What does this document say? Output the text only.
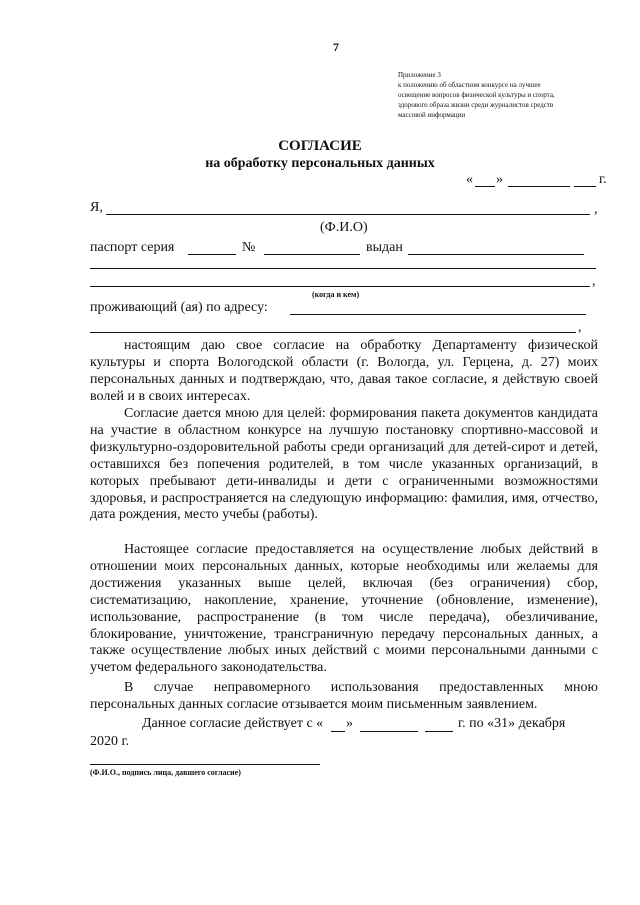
7
Приложение 3
к положению об областном конкурсе на лучшее
освещение вопросов физической культуры и спорта,
здорового образа жизни среди журналистов средств
массовой информации
СОГЛАСИЕ
на обработку персональных данных
« »	г.
Я,	,
(Ф.И.О)
паспорт серия	№	выдан
,
(когда и кем)
проживающий (ая) по адресу:
,
настоящим даю свое согласие на обработку Департаменту физической культуры и спорта Вологодской области (г. Вологда, ул. Герцена, д. 27) моих персональных данных и подтверждаю, что, давая такое согласие, я действую своей волей и в своих интересах.
Согласие дается мною для целей: формирования пакета документов кандидата на участие в областном конкурсе на лучшую постановку спортивно-массовой и физкультурно-оздоровительной работы среди организаций для детей-сирот и детей, оставшихся без попечения родителей, в том числе указанных организаций, в которых пребывают дети-инвалиды и дети с ограниченными возможностями здоровья, и распространяется на следующую информацию: фамилия, имя, отчество, дата рождения, место учебы (работы).
Настоящее согласие предоставляется на осуществление любых действий в отношении моих персональных данных, которые необходимы или желаемы для достижения указанных выше целей, включая (без ограничения) сбор, систематизацию, накопление, хранение, уточнение (обновление, изменение), использование, распространение (в том числе передача), обезличивание, блокирование, уничтожение, трансграничную передачу персональных данных, а также осуществление любых иных действий с моими персональными данными с учетом федерального законодательства.
В случае неправомерного использования предоставленных мною персональных данных согласие отзывается моим письменным заявлением.
Данное согласие действует с « »	г. по «31» декабря
2020 г.
(Ф.И.О., подпись лица, давшего согласие)
